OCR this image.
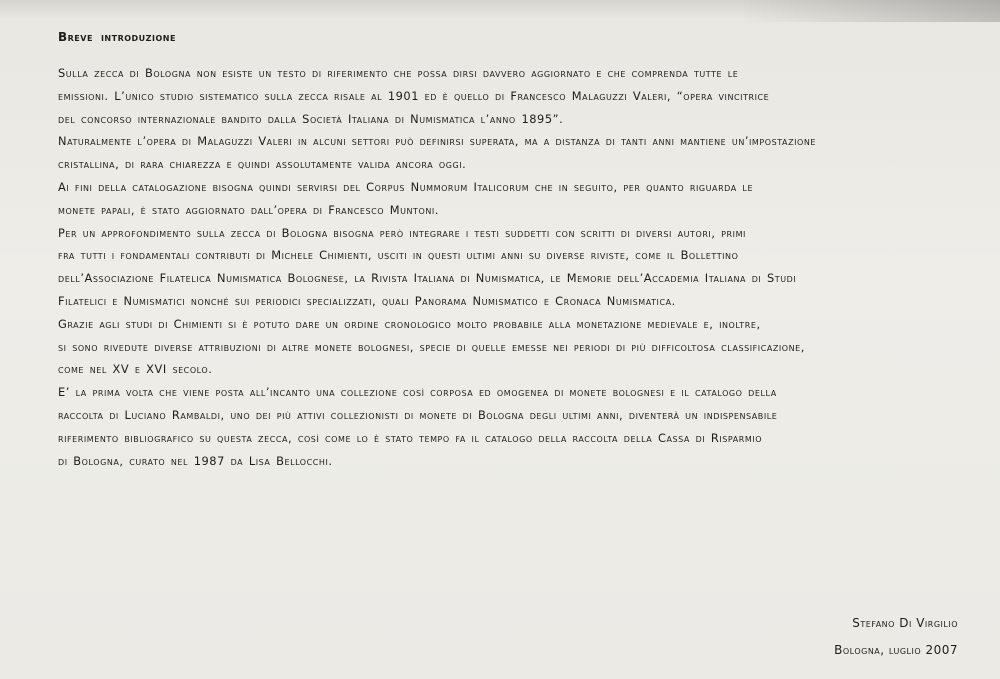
Breve introduzione

Sulla zecca di Bologna non esiste un testo di riferimento che possa dirsi davvero aggiornato e che comprenda tutte le
emissioni. L’unico studio sistematico sulla zecca risale al 1901 ed è quello di Francesco Malaguzzi Valeri, “opera vincitrice
del concorso internazionale bandito dalla Società Italiana di Numismatica l’anno 1895”.

Naturalmente l’opera di Malaguzzi Valeri in alcuni settori può definirsi superata, ma a distanza di tanti anni mantiene un’impostazione
cristallina, di rara chiarezza e quindi assolutamente valida ancora oggi.

Ai fini della catalogazione bisogna quindi servirsi del Corpus Nummorum Italicorum che in seguito, per quanto riguarda le
monete papali, è stato aggiornato dall’opera di Francesco Muntoni.

Per un approfondimento sulla zecca di Bologna bisogna però integrare i testi suddetti con scritti di diversi autori, primi
fra tutti i fondamentali contributi di Michele Chimienti, usciti in questi ultimi anni su diverse riviste, come il Bollettino
dell’Associazione Filatelica Numismatica Bolognese, la Rivista Italiana di Numismatica, le Memorie dell’Accademia Italiana di Studi
Filatelici e Numismatici nonché sui periodici specializzati, quali Panorama Numismatico e Cronaca Numismatica.

Grazie agli studi di Chimienti si è potuto dare un ordine cronologico molto probabile alla monetazione medievale e, inoltre,
si sono rivedute diverse attribuzioni di altre monete bolognesi, specie di quelle emesse nei periodi di più difficoltosa classificazione,
come nel XV e XVI secolo.

E’ la prima volta che viene posta all’incanto una collezione così corposa ed omogenea di monete bolognesi e il catalogo della
raccolta di Luciano Rambaldi, uno dei più attivi collezionisti di monete di Bologna degli ultimi anni, diventerà un indispensabile
riferimento bibliografico su questa zecca, così come lo è stato tempo fa il catalogo della raccolta della Cassa di Risparmio
di Bologna, curato nel 1987 da Lisa Bellocchi.

Stefano Di Virgilio
Bologna, luglio 2007
